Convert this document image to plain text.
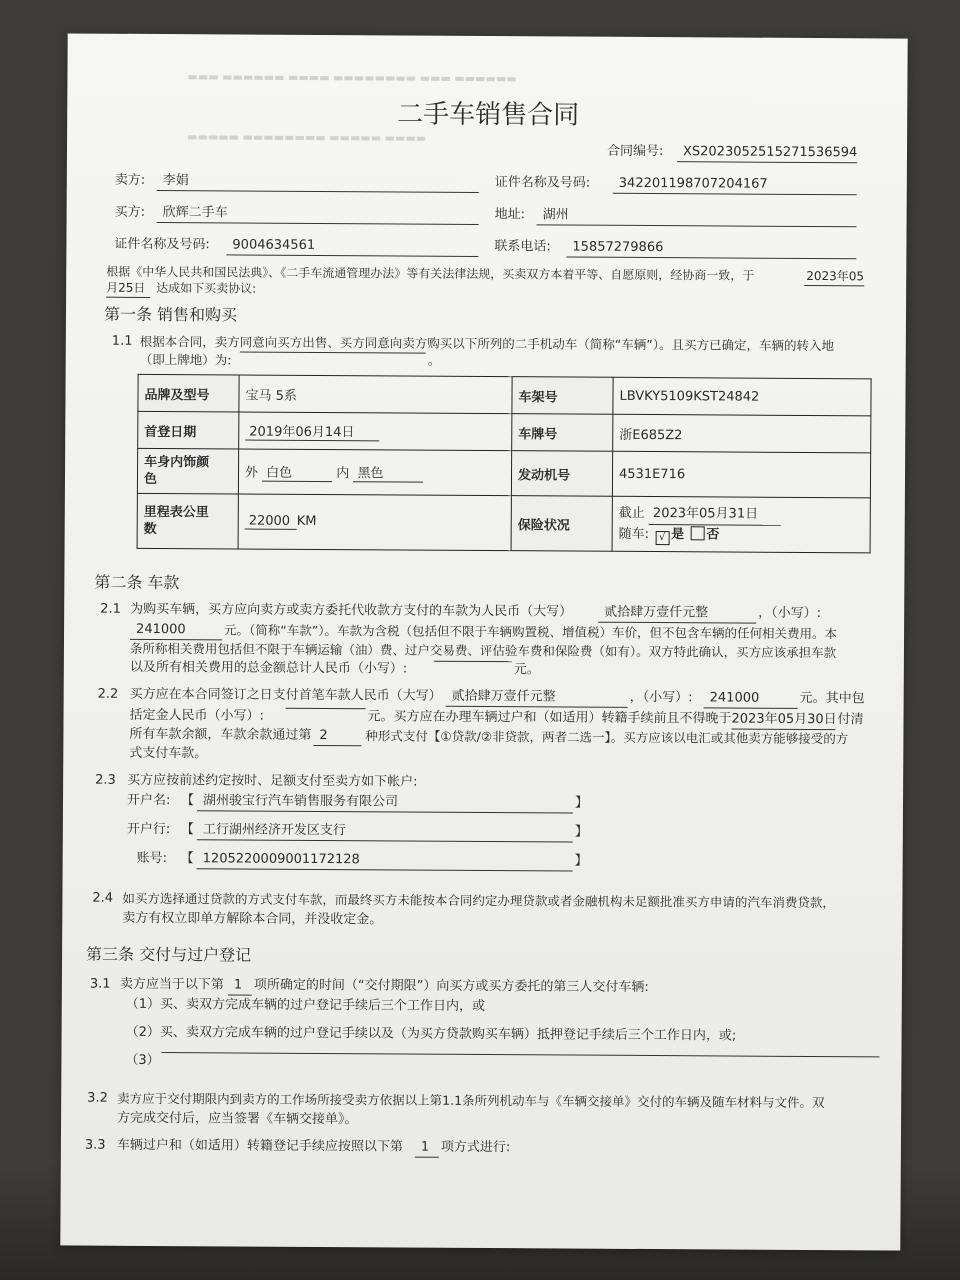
▬▬▬ ▬▬▬▬▬▬ ▬▬▬▬ ▬▬▬▬▬▬▬▬ ▬▬▬ ▬▬▬▬▬▬
▬▬▬▬▬ ▬▬▬▬▬▬▬▬ ▬▬▬▬▬ ▬▬▬▬
二手车销售合同
合同编号:	XS2023052515271536594
卖方:	李娟	证件名称及号码:	342201198707204167
买方:	欣辉二手车	地址:	湖州
证件名称及号码:	9004634561	联系电话:	15857279866
根据《中华人民共和国民法典》、《二手车流通管理办法》等有关法律法规，买卖双方本着平等、自愿原则，经协商一致，于	2023年05
月25日 达成如下买卖协议:
第一条 销售和购买
1.1 根据本合同，卖方同意向买方出售、买方同意向卖方购买以下所列的二手机动车（简称“车辆”）。且买方已确定，车辆的转入地
（即上牌地）为:	。
品牌及型号	宝马 5系	车架号	LBVKY5109KST24842
首登日期	2019年06月14日	车牌号	浙E685Z2
车身内饰颜
色	外 白色 内 黑色	发动机号	4531E716
里程表公里
数	22000 KM	保险状况	截止 2023年05月31日
随车: √ 是 否
第二条 车款
2.1 为购买车辆，买方应向卖方或卖方委托代收款方支付的车款为人民币（大写）	贰拾肆万壹仟元整	，（小写）:
241000	元。（简称“车款”）。车款为含税（包括但不限于车辆购置税、增值税）车价，但不包含车辆的任何相关费用。本
条所称相关费用包括但不限于车辆运输（油）费、过户交易费、评估验车费和保险费（如有）。双方特此确认，买方应该承担车款
以及所有相关费用的总金额总计人民币（小写）:	元。
2.2 买方应在本合同签订之日支付首笔车款人民币（大写） 贰拾肆万壹仟元整	，（小写）:	241000	元。其中包
括定金人民币（小写）:	元。买方应在办理车辆过户和（如适用）转籍手续前且不得晚于 2023年05月30日 付清
所有车款余额，车款余款通过第 2	种形式支付【①贷款/②非贷款，两者二选一】。买方应该以电汇或其他卖方能够接受的方
式支付车款。
2.3 买方应按前述约定按时、足额支付至卖方如下帐户:
开户名: 【 湖州骏宝行汽车销售服务有限公司	】
开户行: 【 工行湖州经济开发区支行	】
账号: 【 1205220009001172128	】
2.4 如买方选择通过贷款的方式支付车款，而最终买方未能按本合同约定办理贷款或者金融机构未足额批准买方申请的汽车消费贷款，
卖方有权立即单方解除本合同，并没收定金。
第三条 交付与过户登记
3.1 卖方应当于以下第 1 项所确定的时间（“交付期限”）向买方或买方委托的第三人交付车辆:
（1）买、卖双方完成车辆的过户登记手续后三个工作日内，或
（2）买、卖双方完成车辆的过户登记手续以及（为买方贷款购买车辆）抵押登记手续后三个工作日内，或;
（3）
3.2 卖方应于交付期限内到卖方的工作场所接受卖方依据以上第1.1条所列机动车与《车辆交接单》交付的车辆及随车材料与文件。双
方完成交付后，应当签署《车辆交接单》。
3.3 车辆过户和（如适用）转籍登记手续应按照以下第	1 项方式进行:
